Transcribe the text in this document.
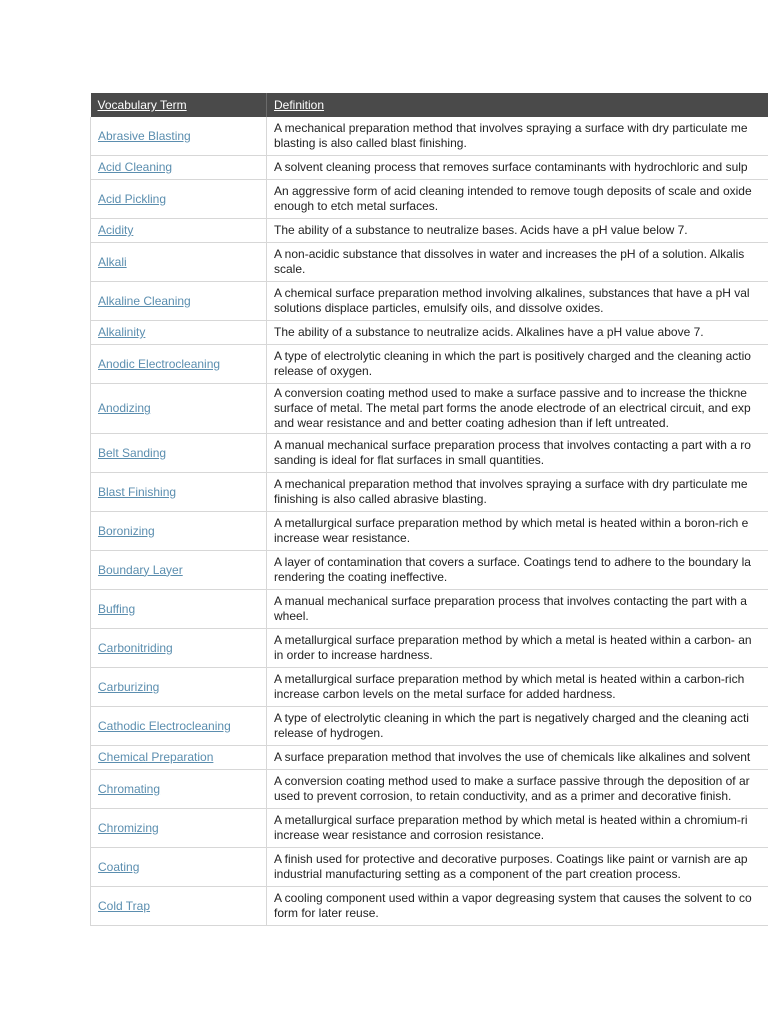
Vocabulary Term	Definition
Abrasive Blasting	A mechanical preparation method that involves spraying a surface with dry particulate me
blasting is also called blast finishing.

Acid Cleaning	A solvent cleaning process that removes surface contaminants with hydrochloric and sulp

Acid Pickling	An aggressive form of acid cleaning intended to remove tough deposits of scale and oxide
enough to etch metal surfaces.

Acidity	The ability of a substance to neutralize bases. Acids have a pH value below 7.

Alkali	A non-acidic substance that dissolves in water and increases the pH of a solution. Alkalis
scale.

Alkaline Cleaning	A chemical surface preparation method involving alkalines, substances that have a pH val
solutions displace particles, emulsify oils, and dissolve oxides.

Alkalinity	The ability of a substance to neutralize acids. Alkalines have a pH value above 7.

Anodic Electrocleaning	A type of electrolytic cleaning in which the part is positively charged and the cleaning actio
release of oxygen.

Anodizing	A conversion coating method used to make a surface passive and to increase the thickne
surface of metal. The metal part forms the anode electrode of an electrical circuit, and exp
and wear resistance and and better coating adhesion than if left untreated.

Belt Sanding	A manual mechanical surface preparation process that involves contacting a part with a ro
sanding is ideal for flat surfaces in small quantities.

Blast Finishing	A mechanical preparation method that involves spraying a surface with dry particulate me
finishing is also called abrasive blasting.

Boronizing	A metallurgical surface preparation method by which metal is heated within a boron-rich e
increase wear resistance.

Boundary Layer	A layer of contamination that covers a surface. Coatings tend to adhere to the boundary la
rendering the coating ineffective.

Buffing	A manual mechanical surface preparation process that involves contacting the part with a
wheel.

Carbonitriding	A metallurgical surface preparation method by which a metal is heated within a carbon- an
in order to increase hardness.

Carburizing	A metallurgical surface preparation method by which metal is heated within a carbon-rich
increase carbon levels on the metal surface for added hardness.

Cathodic Electrocleaning	A type of electrolytic cleaning in which the part is negatively charged and the cleaning acti
release of hydrogen.

Chemical Preparation	A surface preparation method that involves the use of chemicals like alkalines and solvent

Chromating	A conversion coating method used to make a surface passive through the deposition of ar
used to prevent corrosion, to retain conductivity, and as a primer and decorative finish.

Chromizing	A metallurgical surface preparation method by which metal is heated within a chromium-ri
increase wear resistance and corrosion resistance.

Coating	A finish used for protective and decorative purposes. Coatings like paint or varnish are ap
industrial manufacturing setting as a component of the part creation process.

Cold Trap	A cooling component used within a vapor degreasing system that causes the solvent to co
form for later reuse.
